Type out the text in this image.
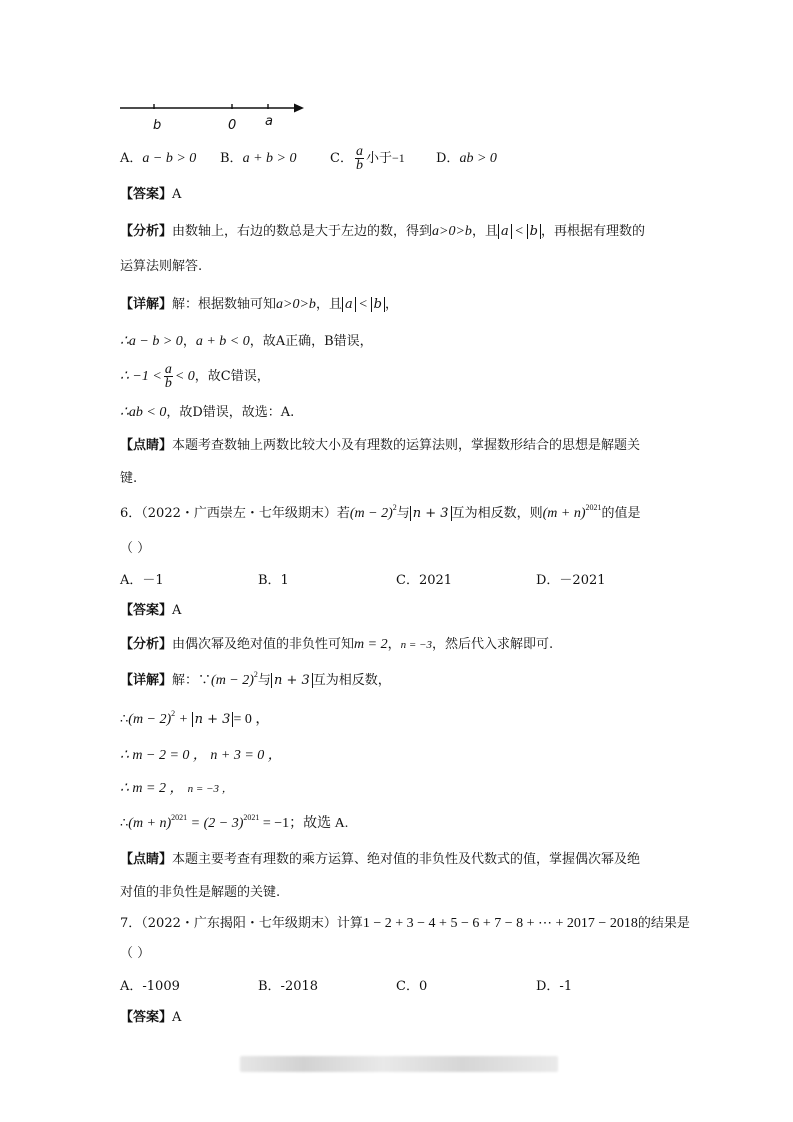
b	0 a
A．a − b > 0 B．a + b > 0	C． $\frac{a}{b}$ 小于−1 D．ab > 0
【答案】A
【分析】由数轴上，右边的数总是大于左边的数，得到a>0>b，且 a < b ，再根据有理数的
运算法则解答.
【详解】解：根据数轴可知a>0>b，且 a < b ，
∴a − b > 0，a + b < 0，故A正确，B错误，
∴ $-1 < \frac{a}{b} < 0$，故C错误，
∴ab < 0，故D错误，故选：A.
【点睛】本题考查数轴上两数比较大小及有理数的运算法则，掌握数形结合的思想是解题关
键.
6．（2022・广西崇左・七年级期末）若$(m - 2)^2$与 n + 3 互为相反数，则$(m + n)^{2021}$的值是
（ ）
A．－1	B．1	C．2021	D．－2021
【答案】A
【分析】由偶次幂及绝对值的非负性可知m = 2，n = −3，然后代入求解即可.
【详解】解：∵(m − 2)$^2$与 n + 3 互为相反数，
∴(m − 2)$^2$ + n + 3 = 0 ，
∴ m − 2 = 0 ， n + 3 = 0 ，
∴ m = 2 ， n = −3 ，
∴(m + $n)^{2021} = (2 - 3)^{2021} = -1$；故选 A.
【点睛】本题主要考查有理数的乘方运算、绝对值的非负性及代数式的值，掌握偶次幂及绝
对值的非负性是解题的关键.
7．（2022・广东揭阳・七年级期末）计算1 − 2 + 3 − 4 + 5 − 6 + 7 − 8 + ⋯ + 2017 − 2018的结果是
（ ）
A．-1009	B．-2018	C．0	D．-1
【答案】A
